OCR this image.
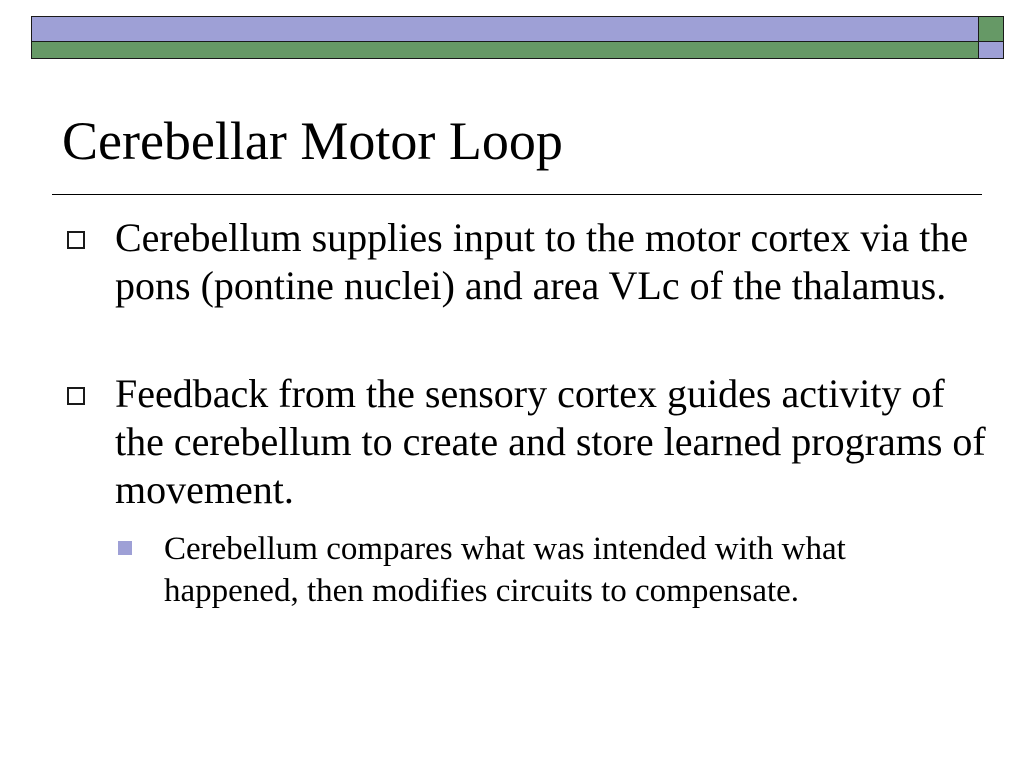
Cerebellar Motor Loop
Cerebellum supplies input to the motor cortex via the pons (pontine nuclei) and area VLc of the thalamus.
Feedback from the sensory cortex guides activity of the cerebellum to create and store learned programs of movement.
Cerebellum compares what was intended with what happened, then modifies circuits to compensate.
